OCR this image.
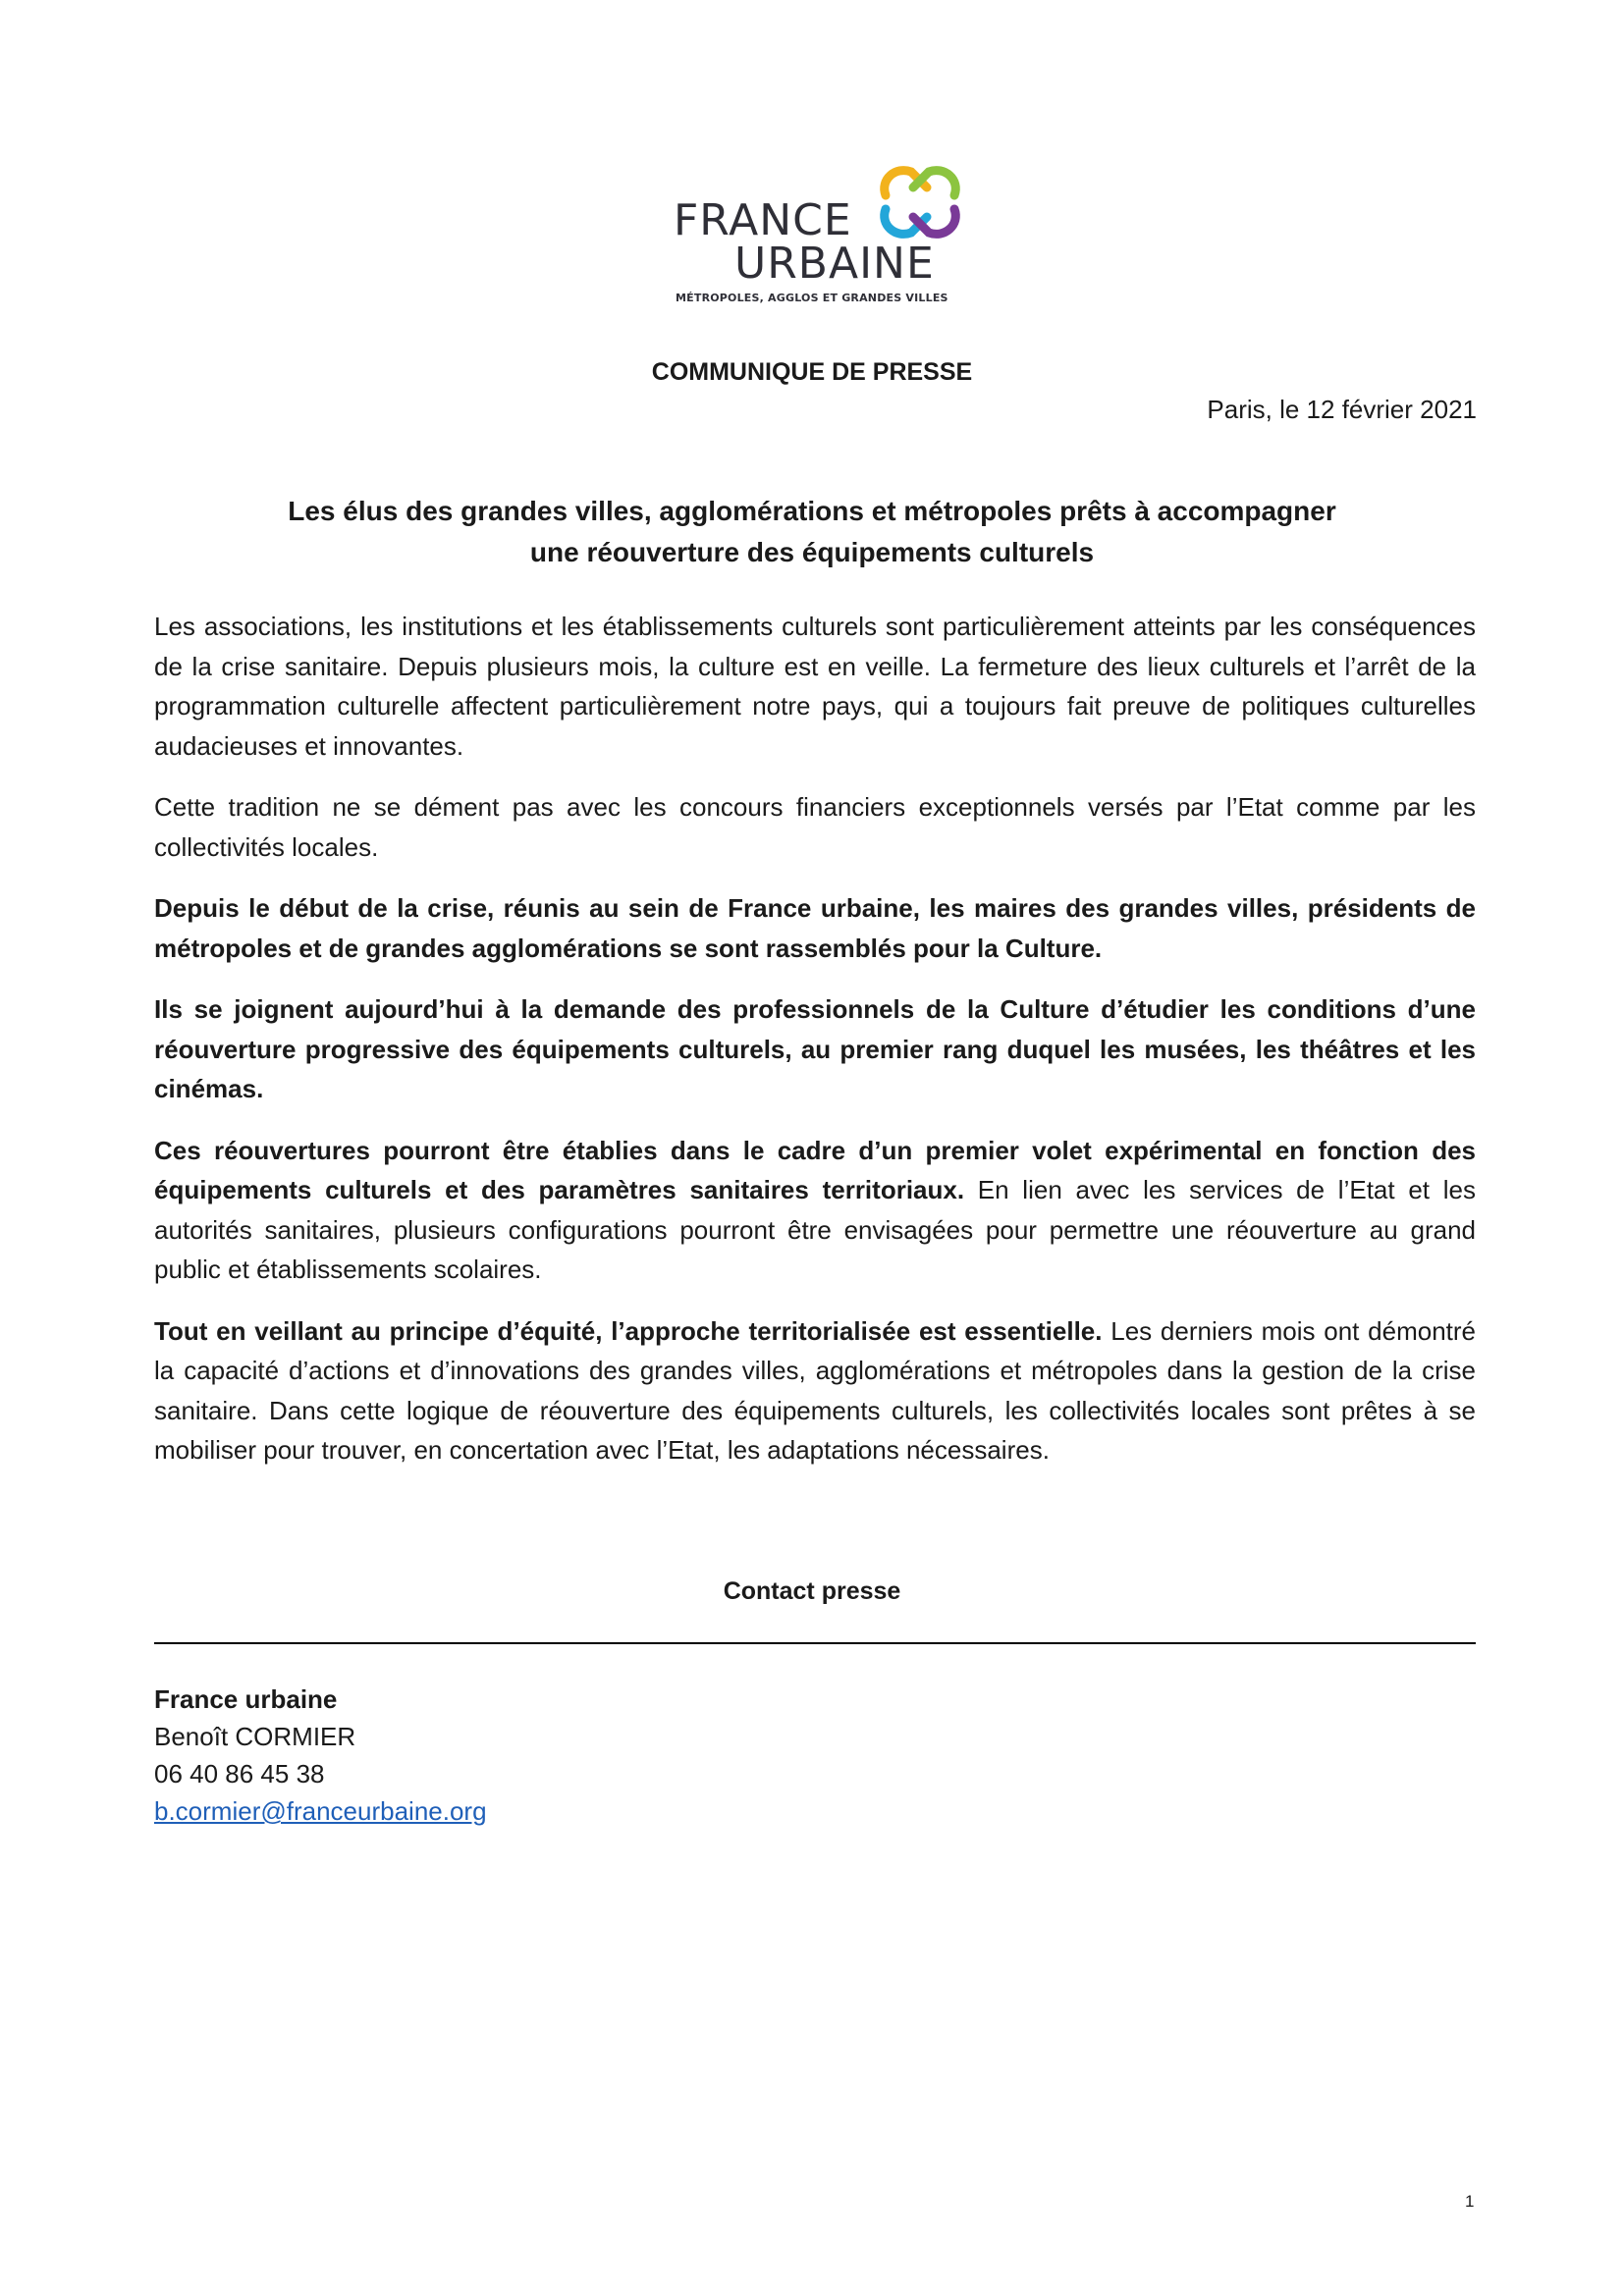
FRANCE
URBAINE
MÉTROPOLES, AGGLOS ET GRANDES VILLES
COMMUNIQUE DE PRESSE
Paris, le 12 février 2021
Les élus des grandes villes, agglomérations et métropoles prêts à accompagner
une réouverture des équipements culturels

Les associations, les institutions et les établissements culturels sont particulièrement atteints par les conséquences de la crise sanitaire. Depuis plusieurs mois, la culture est en veille. La fermeture des lieux culturels et l’arrêt de la programmation culturelle affectent particulièrement notre pays, qui a toujours fait preuve de politiques culturelles audacieuses et innovantes.

Cette tradition ne se dément pas avec les concours financiers exceptionnels versés par l’Etat comme par les collectivités locales.

Depuis le début de la crise, réunis au sein de France urbaine, les maires des grandes villes, présidents de métropoles et de grandes agglomérations se sont rassemblés pour la Culture.

Ils se joignent aujourd’hui à la demande des professionnels de la Culture d’étudier les conditions d’une réouverture progressive des équipements culturels, au premier rang duquel les musées, les théâtres et les cinémas.

Ces réouvertures pourront être établies dans le cadre d’un premier volet expérimental en fonction des équipements culturels et des paramètres sanitaires territoriaux. En lien avec les services de l’Etat et les autorités sanitaires, plusieurs configurations pourront être envisagées pour permettre une réouverture au grand public et établissements scolaires.

Tout en veillant au principe d’équité, l’approche territorialisée est essentielle. Les derniers mois ont démontré la capacité d’actions et d’innovations des grandes villes, agglomérations et métropoles dans la gestion de la crise sanitaire. Dans cette logique de réouverture des équipements culturels, les collectivités locales sont prêtes à se mobiliser pour trouver, en concertation avec l’Etat, les adaptations nécessaires.

Contact presse
France urbaine
Benoît CORMIER
06 40 86 45 38
b.cormier@franceurbaine.org
1
